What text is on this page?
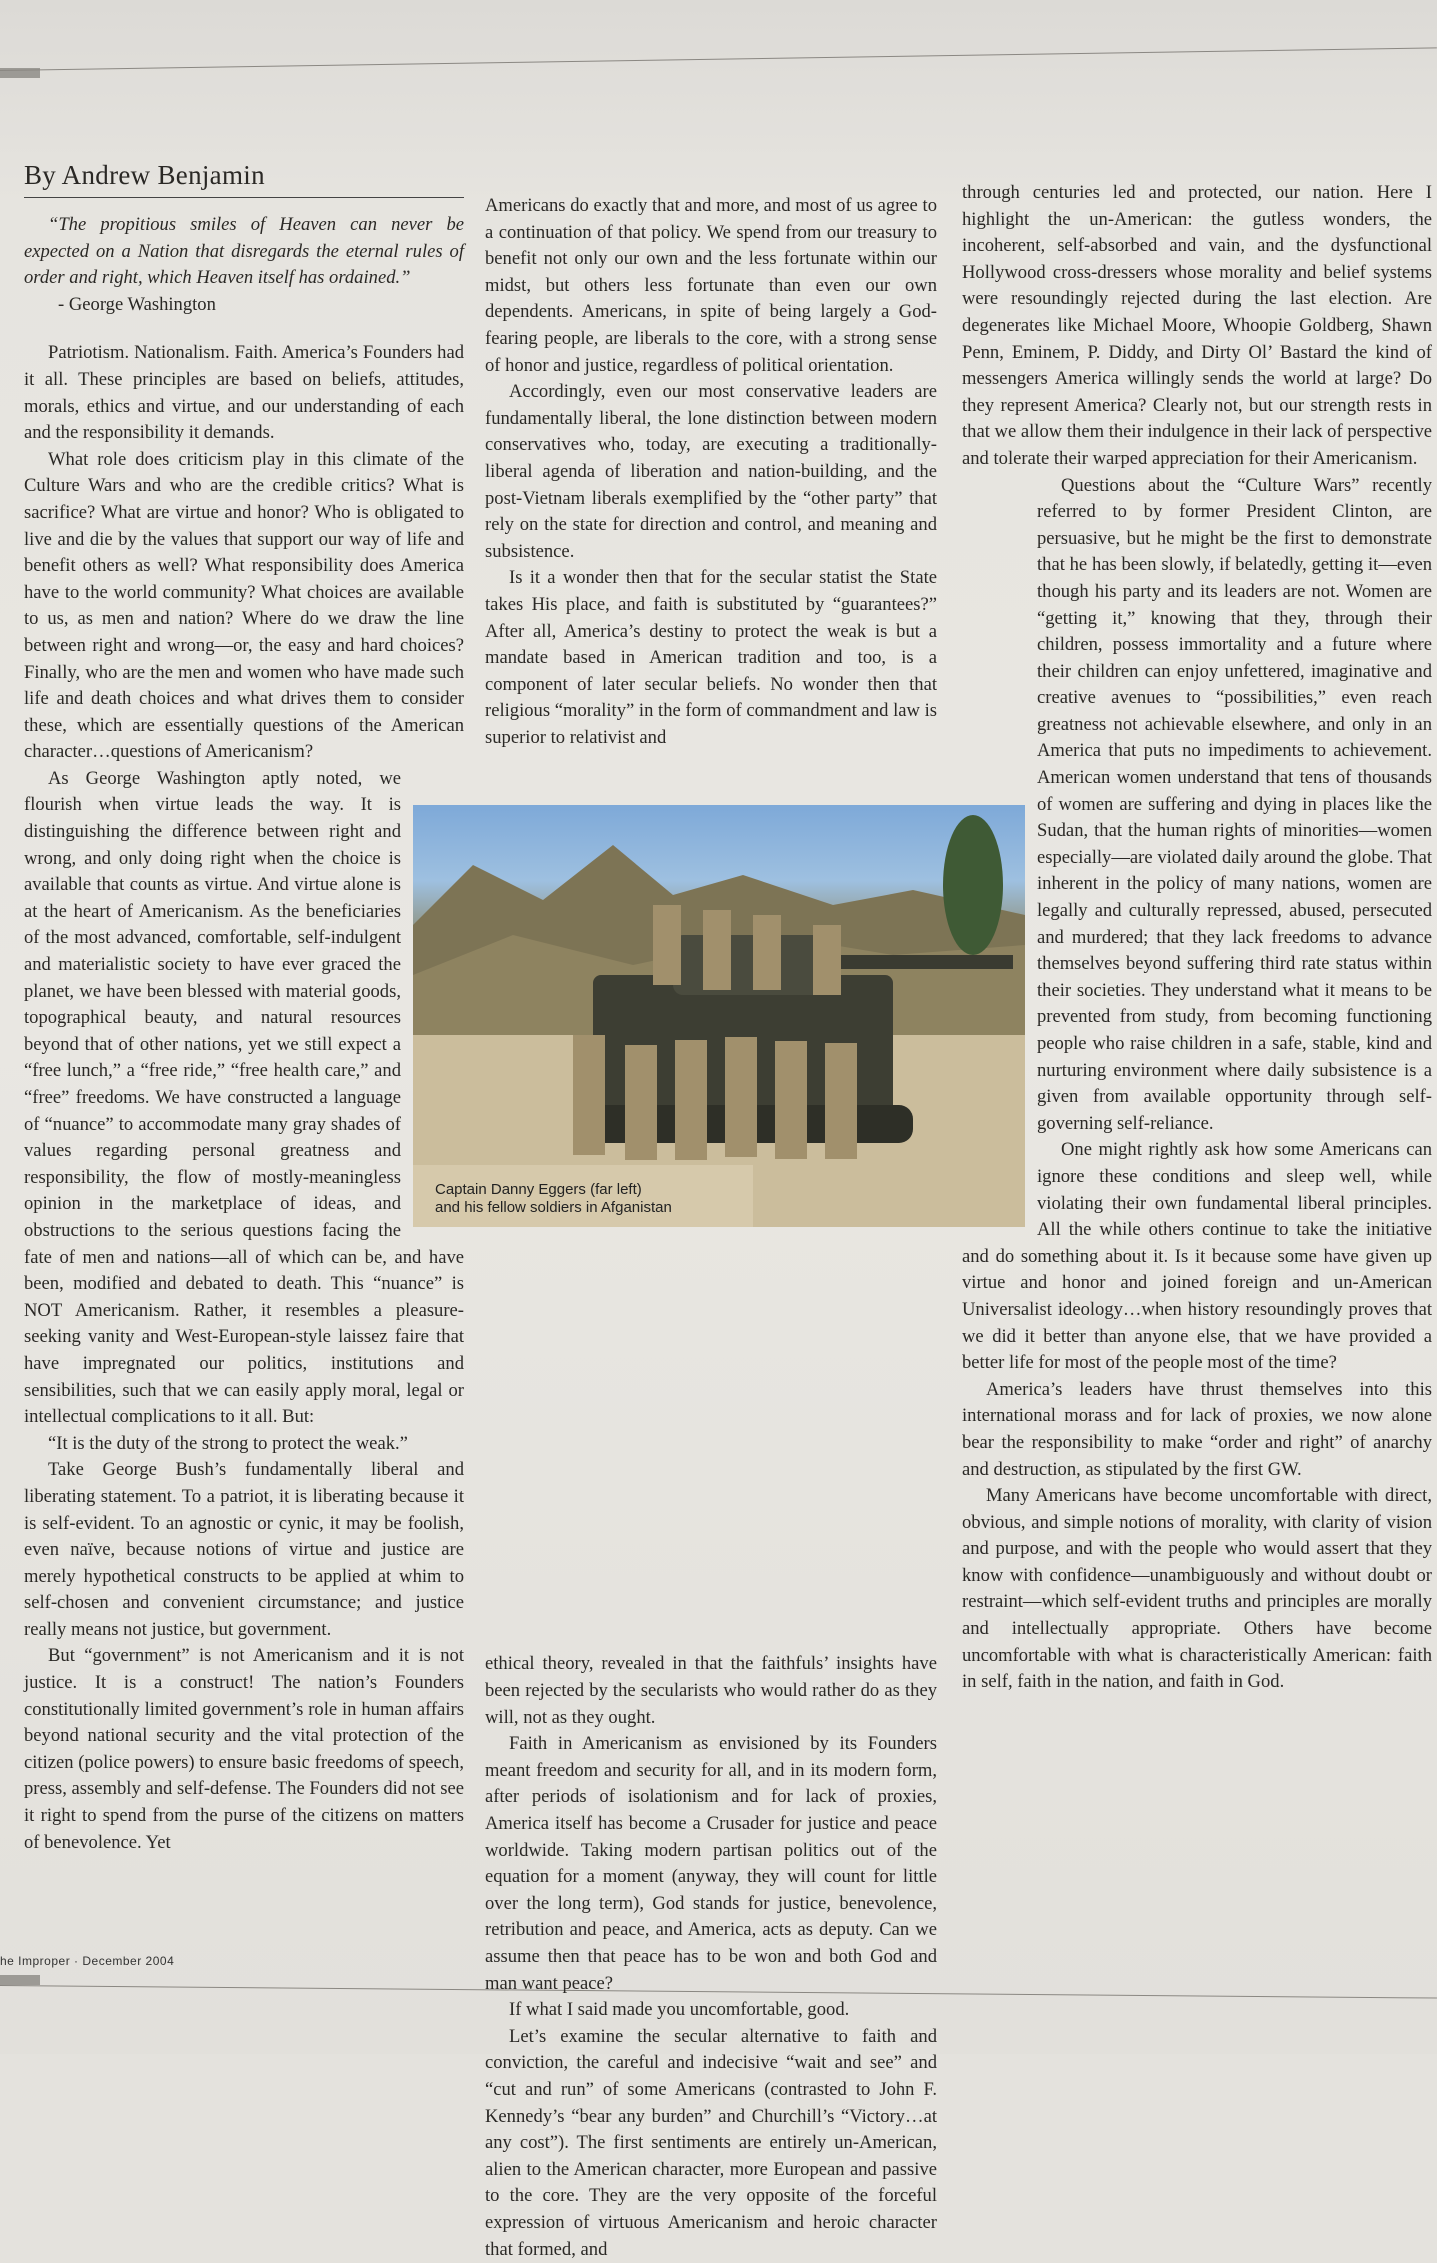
By Andrew Benjamin

“The propitious smiles of Heaven can never be expected on a Nation that disregards the eternal rules of order and right, which Heaven itself has ordained.”

- George Washington

Patriotism. Nationalism. Faith. America’s Founders had it all. These principles are based on beliefs, attitudes, morals, ethics and virtue, and our understanding of each and the responsibility it demands.

What role does criticism play in this climate of the Culture Wars and who are the credible critics? What is sacrifice? What are virtue and honor? Who is obligated to live and die by the values that support our way of life and benefit others as well? What responsibility does America have to the world community? What choices are available to us, as men and nation? Where do we draw the line between right and wrong—or, the easy and hard choices? Finally, who are the men and women who have made such life and death choices and what drives them to consider these, which are essentially questions of the American character…questions of Americanism?

As George Washington aptly noted, we flourish when virtue leads the way. It is distinguishing the difference between right and wrong, and only doing right when the choice is available that counts as virtue. And virtue alone is at the heart of Americanism. As the beneficiaries of the most advanced, comfortable, self-indulgent and materialistic society to have ever graced the planet, we have been blessed with material goods, topographical beauty, and natural resources beyond that of other nations, yet we still expect a “free lunch,” a “free ride,” “free health care,” and “free” freedoms. We have constructed a language of “nuance” to accommodate many gray shades of values regarding personal greatness and responsibility, the flow of mostly-meaningless opinion in the marketplace of ideas, and obstructions to the serious questions facing the fate of men and nations—all of which can be, and have been, modified and debated to death. This “nuance” is NOT Americanism. Rather, it resembles a pleasure-seeking vanity and West-European-style laissez faire that have impregnated our politics, institutions and sensibilities, such that we can easily apply moral, legal or intellectual complications to it all. But:

“It is the duty of the strong to protect the weak.”

Take George Bush’s fundamentally liberal and liberating statement. To a patriot, it is liberating because it is self-evident. To an agnostic or cynic, it may be foolish, even naïve, because notions of virtue and justice are merely hypothetical constructs to be applied at whim to self-chosen and convenient circumstance; and justice really means not justice, but government.

But “government” is not Americanism and it is not justice. It is a construct! The nation’s Founders constitutionally limited government’s role in human affairs beyond national security and the vital protection of the citizen (police powers) to ensure basic freedoms of speech, press, assembly and self-defense. The Founders did not see it right to spend from the purse of the citizens on matters of benevolence. Yet

Americans do exactly that and more, and most of us agree to a continuation of that policy. We spend from our treasury to benefit not only our own and the less fortunate within our midst, but others less fortunate than even our own dependents. Americans, in spite of being largely a God-fearing people, are liberals to the core, with a strong sense of honor and justice, regardless of political orientation.

Accordingly, even our most conservative leaders are fundamentally liberal, the lone distinction between modern conservatives who, today, are executing a traditionally-liberal agenda of liberation and nation-building, and the post-Vietnam liberals exemplified by the “other party” that rely on the state for direction and control, and meaning and subsistence.

Is it a wonder then that for the secular statist the State takes His place, and faith is substituted by “guarantees?” After all, America’s destiny to protect the weak is but a mandate based in American tradition and too, is a component of later secular beliefs. No wonder then that religious “morality” in the form of commandment and law is superior to relativist and

ethical theory, revealed in that the faithfuls’ insights have been rejected by the secularists who would rather do as they will, not as they ought.

Faith in Americanism as envisioned by its Founders meant freedom and security for all, and in its modern form, after periods of isolationism and for lack of proxies, America itself has become a Crusader for justice and peace worldwide. Taking modern partisan politics out of the equation for a moment (anyway, they will count for little over the long term), God stands for justice, benevolence, retribution and peace, and America, acts as deputy. Can we assume then that peace has to be won and both God and man want peace?

If what I said made you uncomfortable, good.

Let’s examine the secular alternative to faith and conviction, the careful and indecisive “wait and see” and “cut and run” of some Americans (contrasted to John F. Kennedy’s “bear any burden” and Churchill’s “Victory…at any cost”). The first sentiments are entirely un-American, alien to the American character, more European and passive to the core. They are the very opposite of the forceful expression of virtuous Americanism and heroic character that formed, and

through centuries led and protected, our nation. Here I highlight the un-American: the gutless wonders, the incoherent, self-absorbed and vain, and the dysfunctional Hollywood cross-dressers whose morality and belief systems were resoundingly rejected during the last election. Are degenerates like Michael Moore, Whoopie Goldberg, Shawn Penn, Eminem, P. Diddy, and Dirty Ol’ Bastard the kind of messengers America willingly sends the world at large? Do they represent America? Clearly not, but our strength rests in that we allow them their indulgence in their lack of perspective and tolerate their warped appreciation for their Americanism.

Questions about the “Culture Wars” recently referred to by former President Clinton, are persuasive, but he might be the first to demonstrate that he has been slowly, if belatedly, getting it—even though his party and its leaders are not. Women are “getting it,” knowing that they, through their children, possess immortality and a future where their children can enjoy unfettered, imaginative and creative avenues to “possibilities,” even reach greatness not achievable elsewhere, and only in an America that puts no impediments to achievement. American women understand that tens of thousands of women are suffering and dying in places like the Sudan, that the human rights of minorities—women especially—are violated daily around the globe. That inherent in the policy of many nations, women are legally and culturally repressed, abused, persecuted and murdered; that they lack freedoms to advance themselves beyond suffering third rate status within their societies. They understand what it means to be prevented from study, from becoming functioning people who raise children in a safe, stable, kind and nurturing environment where daily subsistence is a given from available opportunity through self-governing self-reliance.

One might rightly ask how some Americans can ignore these conditions and sleep well, while violating their own fundamental liberal principles. All the while others continue to take the initiative and do something about it. Is it because some have given up virtue and honor and joined foreign and un-American Universalist ideology…when history resoundingly proves that we did it better than anyone else, that we have provided a better life for most of the people most of the time?

America’s leaders have thrust themselves into this international morass and for lack of proxies, we now alone bear the responsibility to make “order and right” of anarchy and destruction, as stipulated by the first GW.

Many Americans have become uncomfortable with direct, obvious, and simple notions of morality, with clarity of vision and purpose, and with the people who would assert that they know with confidence—unambiguously and without doubt or restraint—which self-evident truths and principles are morally and intellectually appropriate. Others have become uncomfortable with what is characteristically American: faith in self, faith in the nation, and faith in God.

Captain Danny Eggers (far left)
and his fellow soldiers in Afganistan
he Improper · December 2004
